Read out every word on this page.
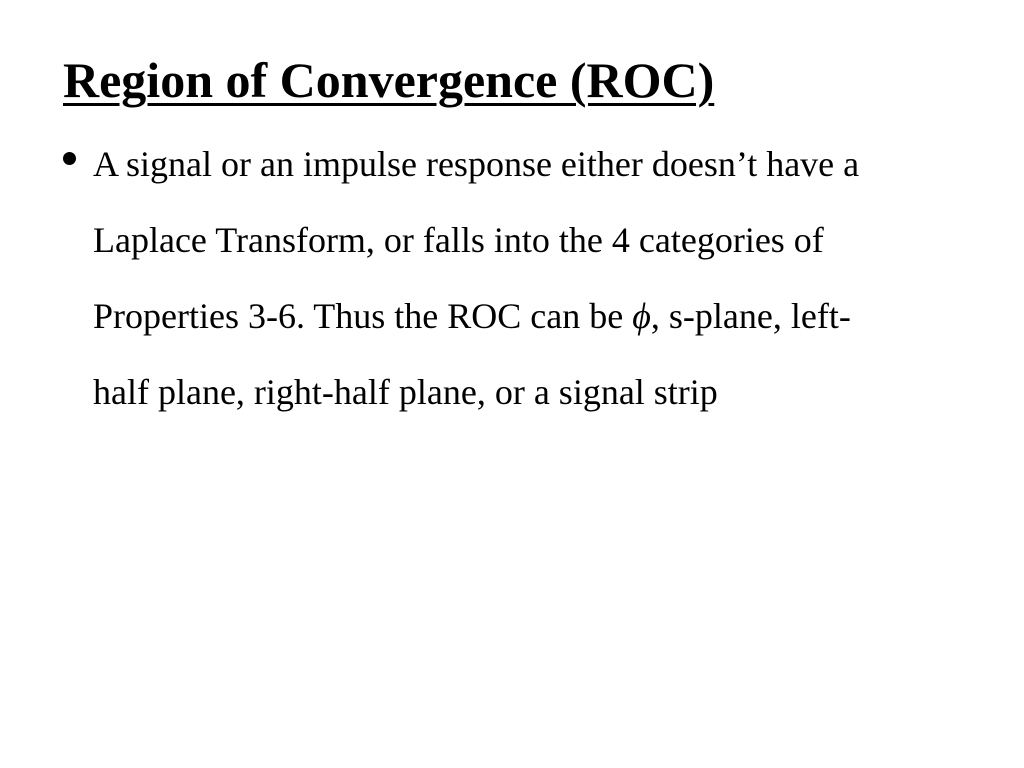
Region of Convergence (ROC)
A signal or an impulse response either doesn’t have a
Laplace Transform, or falls into the 4 categories of
Properties 3-6. Thus the ROC can be ϕ, s-plane, left-
half plane, right-half plane, or a signal strip
